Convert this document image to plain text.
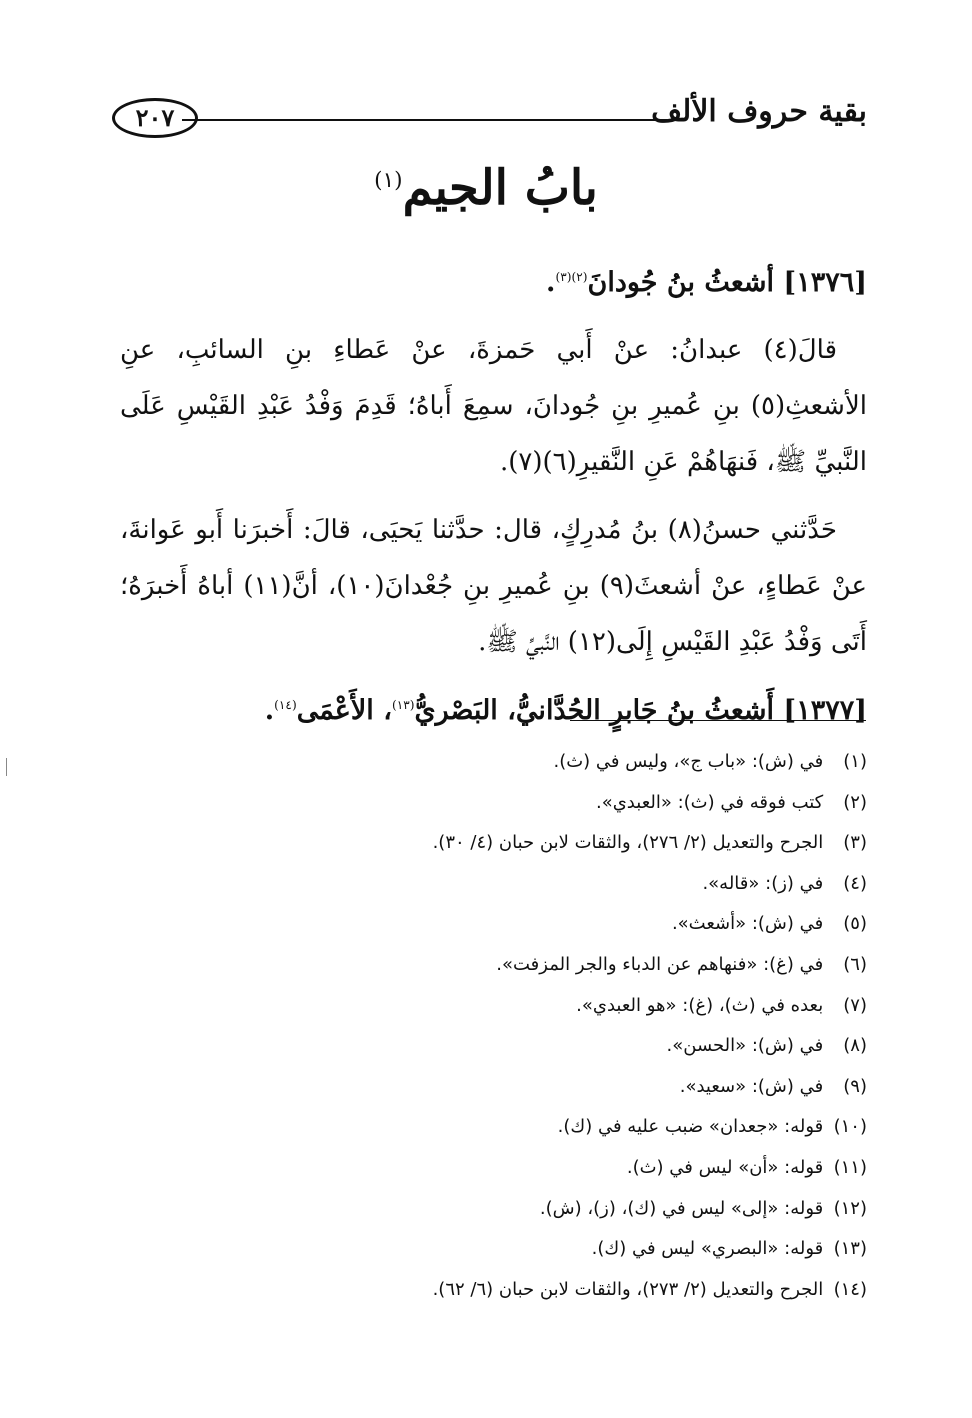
بقية حروف الألف
٢٠٧
بابُ الجيم$^{(١)}$

[١٣٧٦] أشعثُ بنُ جُودانَ$^{(٢)(٣)}$.

قالَ(٤) عبدانُ: عنْ أَبي حَمزةَ، عنْ عَطاءِ بنِ السائبِ، عنِ الأشعثِ(٥) بنِ عُميرِ بنِ جُودانَ، سمِعَ أَباهُ؛ قَدِمَ وَفْدُ عَبْدِ القَيْسِ عَلَى النَّبيِّ ﷺ، فَنهَاهُمْ عَنِ النَّقيرِ(٦)(٧).

حَدَّثني حسنُ(٨) بنُ مُدرِكٍ، قال: حدَّثنا يَحيَى، قالَ: أَخبرَنا أَبو عَوانةَ، عنْ عَطاءٍ، عنْ أشعثَ(٩) بنِ عُميرِ بنِ جُعْدانَ(١٠)، أنَّ(١١) أباهُ أَخبرَهُ؛ أَتَى وَفْدُ عَبْدِ القَيْسِ إِلَى(١٢) النَّبيِّ ﷺ.

[١٣٧٧] أَشعثُ بنُ جَابرٍ الحُدَّانيُّ، البَصْريُّ$^{(١٣)}$، الأَعْمَى$^{(١٤)}$.

(١) في (ش): «باب ج»، وليس في (ث).
(٢) كتب فوقه في (ث): «العبدي».
(٣) الجرح والتعديل (٢/ ٢٧٦)، والثقات لابن حبان (٤/ ٣٠).
(٤) في (ز): «قاله».
(٥) في (ش): «أشعث».
(٦) في (غ): «فنهاهم عن الدباء والجر المزفت».
(٧) بعده في (ث)، (غ): «هو العبدي».
(٨) في (ش): «الحسن».
(٩) في (ش): «سعيد».
(١٠) قوله: «جعدان» ضبب عليه في (ك).
(١١) قوله: «أن» ليس في (ث).
(١٢) قوله: «إلى» ليس في (ك)، (ز)، (ش).
(١٣) قوله: «البصري» ليس في (ك).
(١٤) الجرح والتعديل (٢/ ٢٧٣)، والثقات لابن حبان (٦/ ٦٢).
